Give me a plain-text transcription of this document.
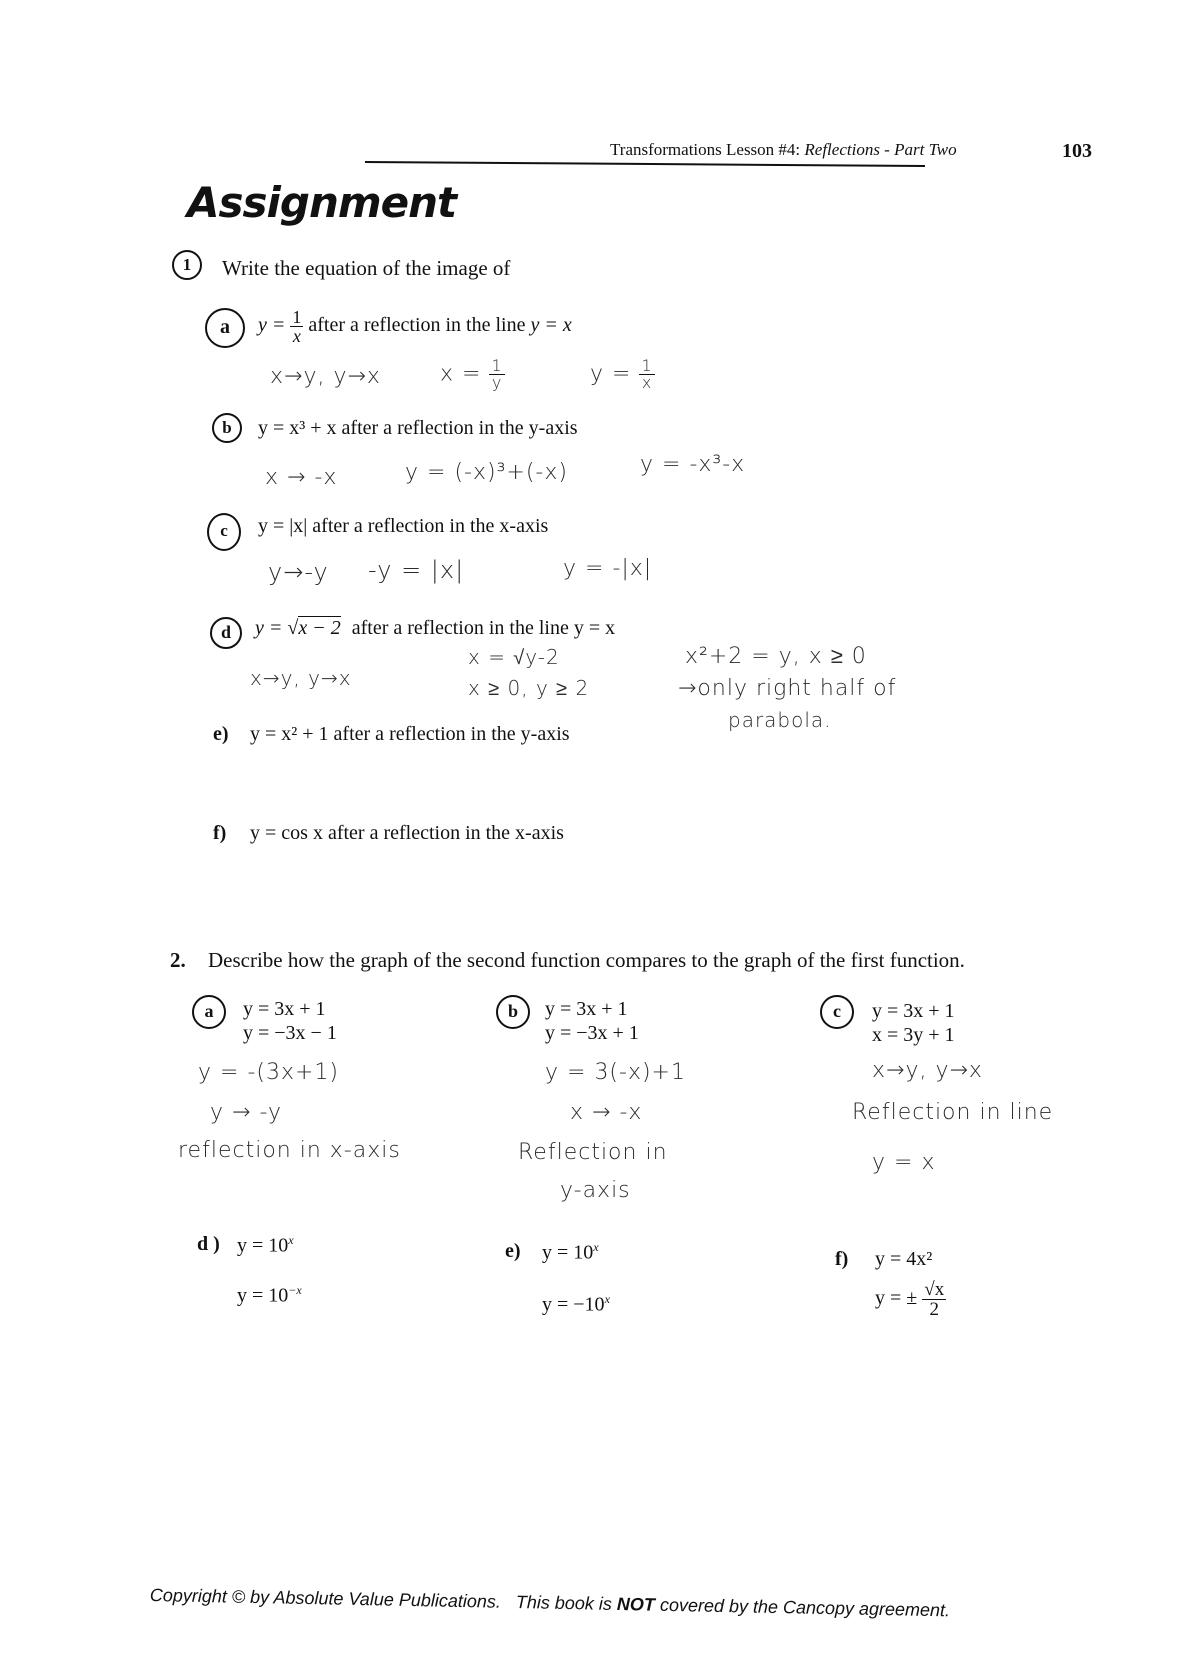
Transformations Lesson #4: Reflections - Part Two	103
Assignment
1	Write the equation of the image of
a	$y = \frac{1}{x}$ after a reflection in the line y = x
x→y, y→x	$x = \frac{1}{y}$	$y = \frac{1}{x}$
b	y = x³ + x after a reflection in the y-axis
x → -x	y = (-x)³+(-x)	y = -x³-x
c	y = |x| after a reflection in the x-axis
y→-y -y = |x|	y = -|x|
d	y = √x − 2 after a reflection in the line y = x
x→y, y→x
x = √y-2
x ≥ 0, y ≥ 2
x²+2 = y, x ≥ 0
→only right half of
parabola.
e) y = x² + 1 after a reflection in the y-axis
f) y = cos x after a reflection in the x-axis
2. Describe how the graph of the second function compares to the graph of the first function.
a	y = 3x + 1
y = −3x − 1
y = -(3x+1)
y → -y
reflection in x-axis
b	y = 3x + 1
y = −3x + 1
y = 3(-x)+1
x → -x
Reflection in
y-axis
c	y = 3x + 1
x = 3y + 1
x→y, y→x
Reflection in line
y = x
d ) $y = 10^x$
$y = 10^{-x}$
e) $y = 10^x$
$y = -10^x$
f) y = 4x²
y = ± $\frac{√x}{2}$
Copyright © by Absolute Value Publications. This book is NOT covered by the Cancopy agreement.
